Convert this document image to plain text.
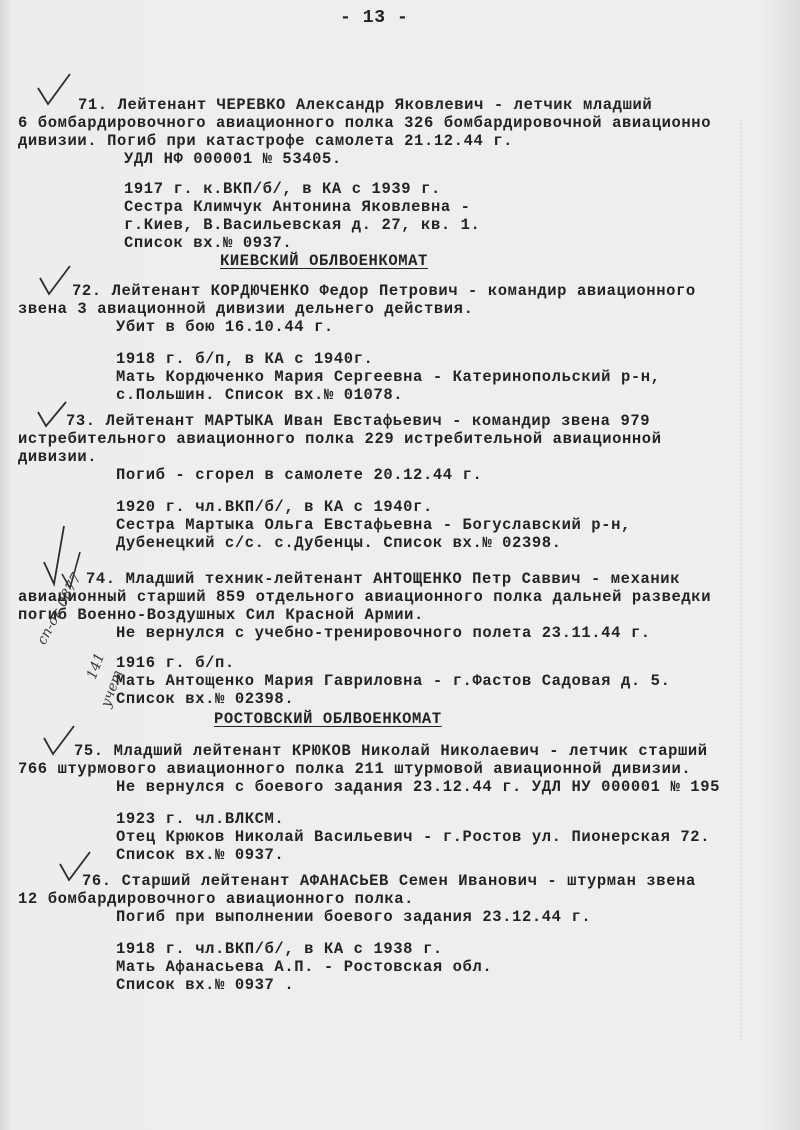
- 13 -
71. Лейтенант ЧЕРЕВКО Александр Яковлевич - летчик младший
6 бомбардировочного авиационного полка 326 бомбардировочной авиационно
дивизии. Погиб при катастрофе самолета 21.12.44 г.
УДЛ НФ 000001 № 53405.
1917 г. к.ВКП/б/, в КА с 1939 г.
Сестра Климчук Антонина Яковлевна -
г.Киев, В.Васильевская д. 27, кв. 1.
Список вх.№ 0937.
КИЕВСКИЙ ОБЛВОЕНКОМАТ
72. Лейтенант КОРДЮЧЕНКО Федор Петрович - командир авиационного
звена 3 авиационной дивизии дельнего действия.
Убит в бою 16.10.44 г.
1918 г. б/п, в КА с 1940г.
Мать Кордюченко Мария Сергеевна - Катеринопольский р-н,
с.Польшин. Список вх.№ 01078.
73. Лейтенант МАРТЫКА Иван Евстафьевич - командир звена 979
истребительного авиационного полка 229 истребительной авиационной
дивизии.
Погиб - сгорел в самолете 20.12.44 г.
1920 г. чл.ВКП/б/, в КА с 1940г.
Сестра Мартыка Ольга Евстафьевна - Богуславский р-н,
Дубенецкий с/с. с.Дубенцы. Список вх.№ 02398.
74. Младший техник-лейтенант АНТОЩЕНКО Петр Саввич - механик
авиационный старший 859 отдельного авиационного полка дальней разведки
погиб Военно-Воздушных Сил Красной Армии.
Не вернулся с учебно-тренировочного полета 23.11.44 г.
1916 г. б/п.
Мать Антощенко Мария Гавриловна - г.Фастов Садовая д. 5.
Список вх.№ 02398.
сп-ок 0877
141
учет
РОСТОВСКИЙ ОБЛВОЕНКОМАТ
75. Младший лейтенант КРЮКОВ Николай Николаевич - летчик старший
766 штурмового авиационного полка 211 штурмовой авиационной дивизии.
Не вернулся с боевого задания 23.12.44 г. УДЛ НУ 000001 № 195
1923 г. чл.ВЛКСМ.
Отец Крюков Николай Васильевич - г.Ростов ул. Пионерская 72.
Список вх.№ 0937.
76. Старший лейтенант АФАНАСЬЕВ Семен Иванович - штурман звена
12 бомбардировочного авиационного полка.
Погиб при выполнении боевого задания 23.12.44 г.
1918 г. чл.ВКП/б/, в КА с 1938 г.
Мать Афанасьева А.П. - Ростовская обл.
Список вх.№ 0937 .
